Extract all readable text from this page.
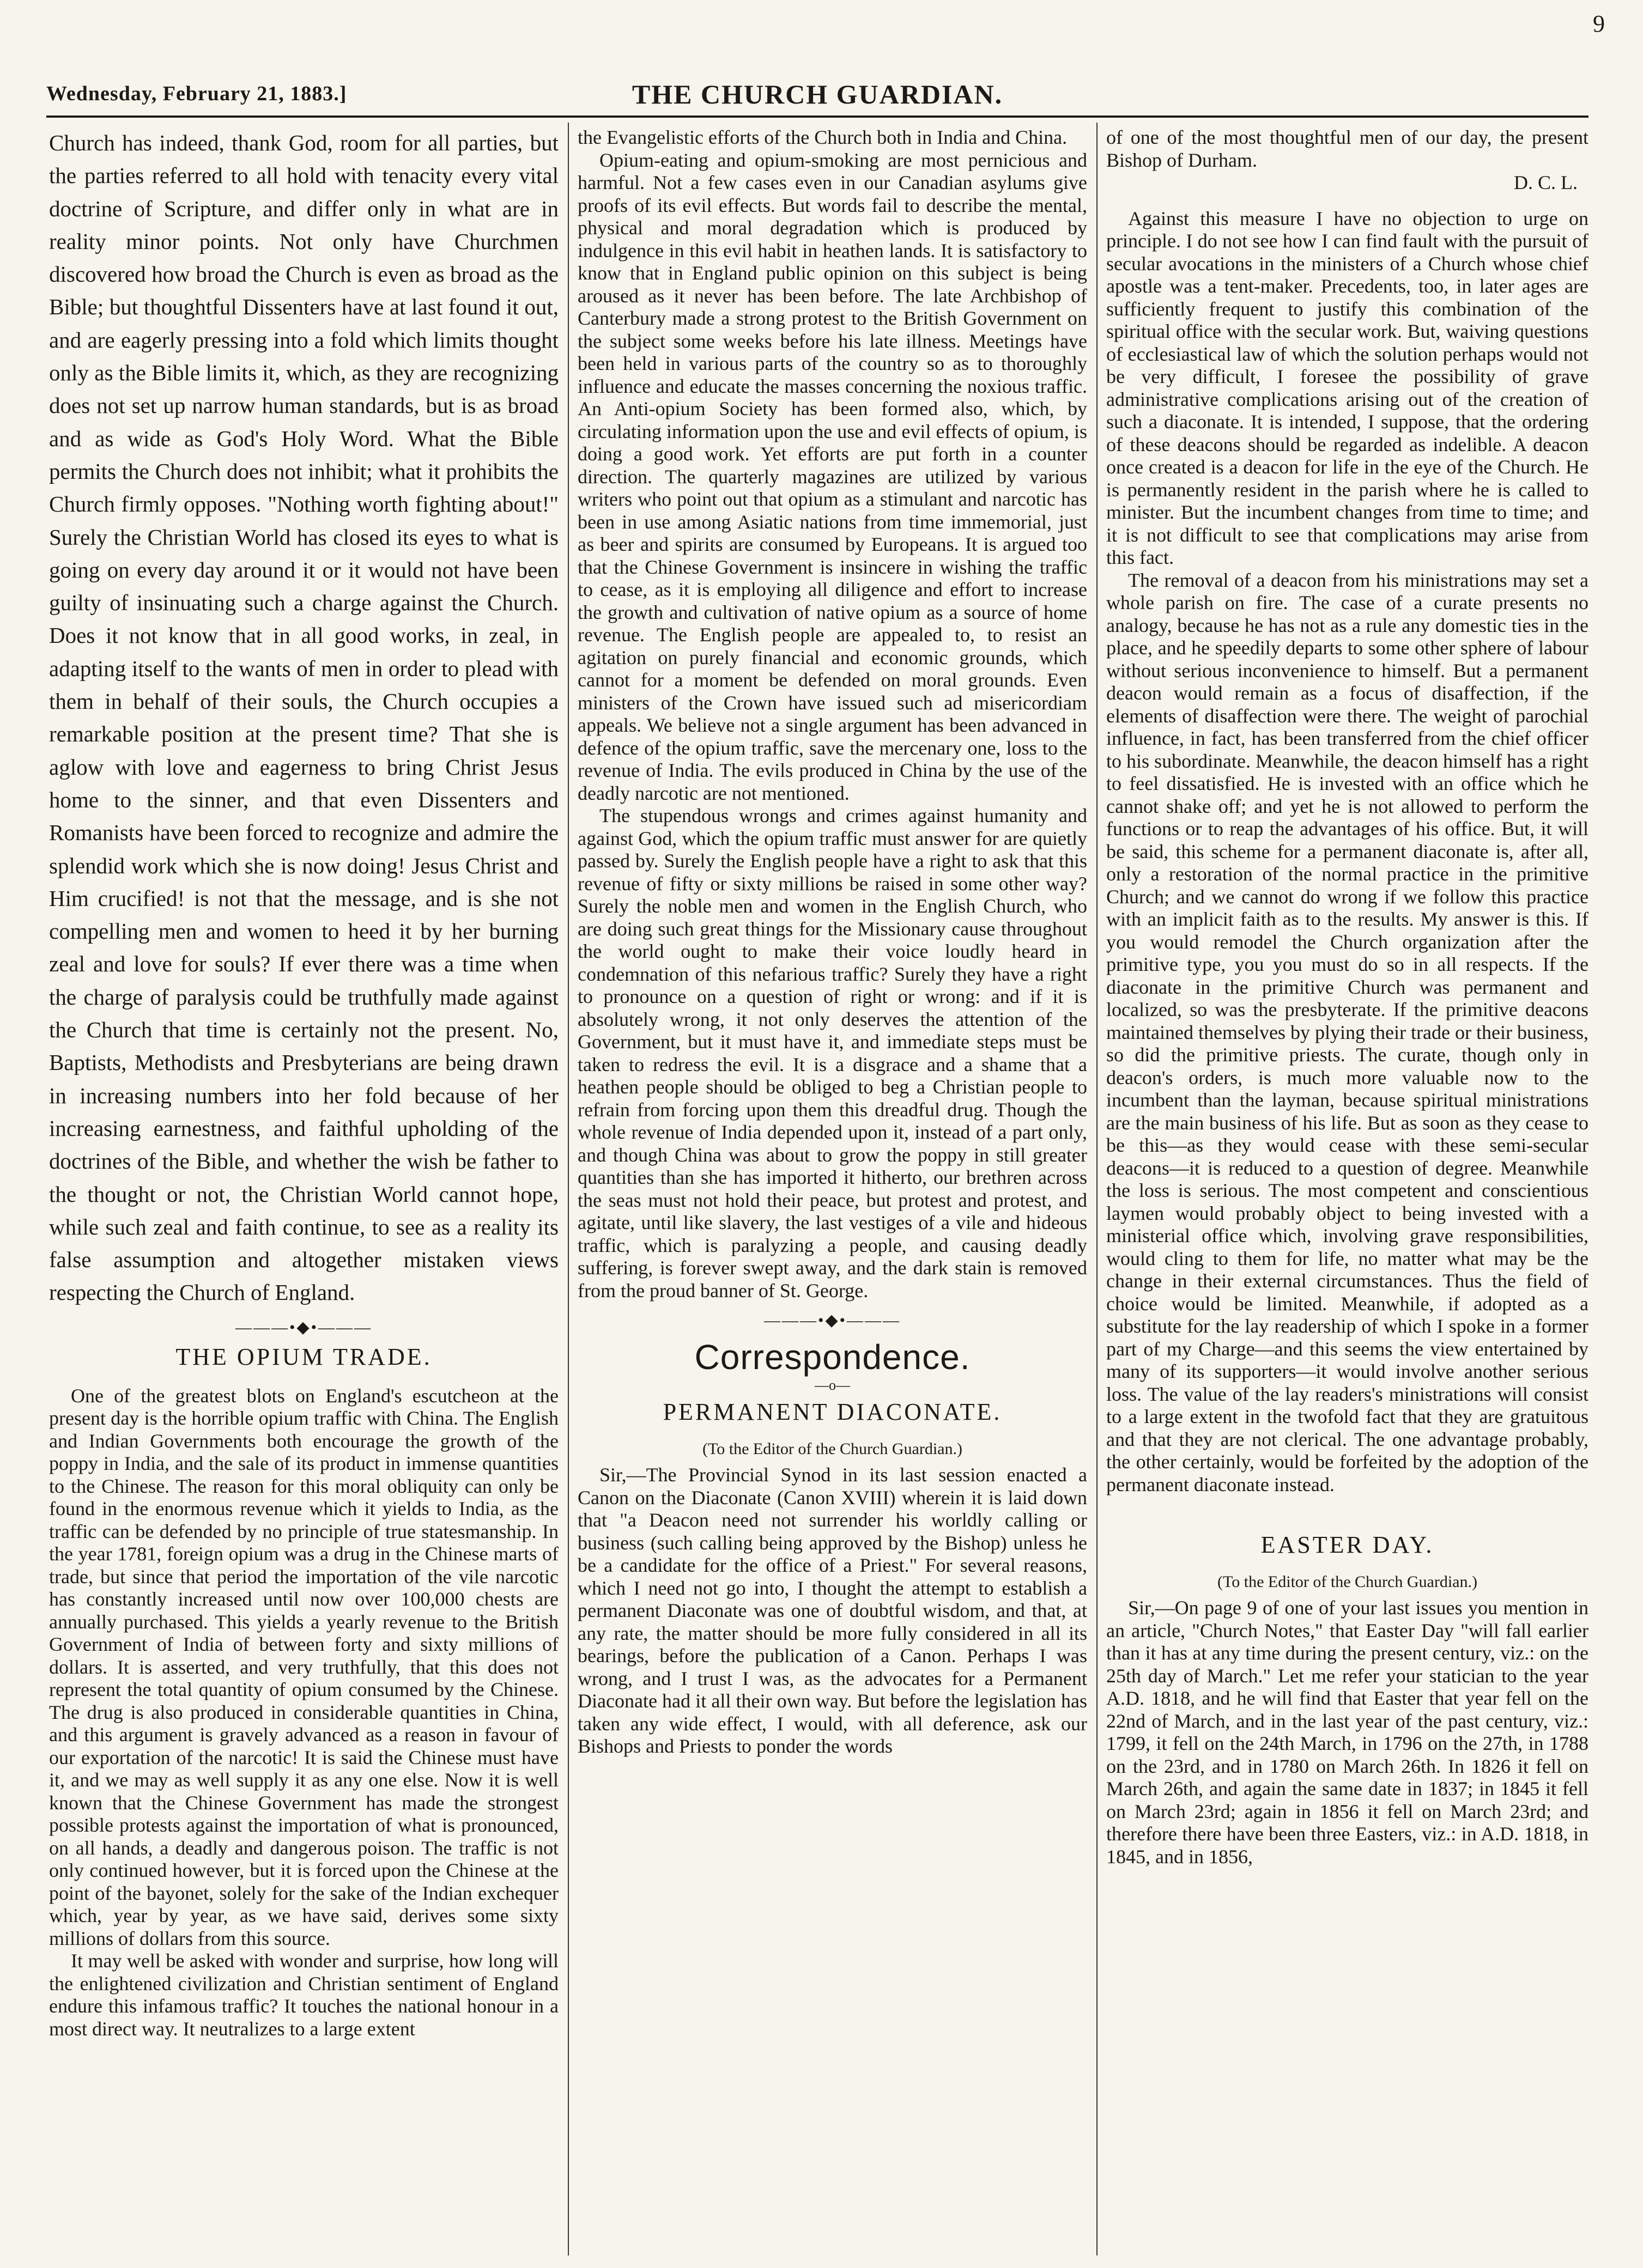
9
Wednesday, February 21, 1883.]	THE CHURCH GUARDIAN.

Church has indeed, thank God, room for all parties, but the parties referred to all hold with tenacity every vital doctrine of Scripture, and differ only in what are in reality minor points. Not only have Churchmen discovered how broad the Church is even as broad as the Bible; but thoughtful Dissenters have at last found it out, and are eagerly pressing into a fold which limits thought only as the Bible limits it, which, as they are recognizing does not set up narrow human standards, but is as broad and as wide as God's Holy Word. What the Bible permits the Church does not inhibit; what it prohibits the Church firmly opposes. "Nothing worth fighting about!" Surely the Christian World has closed its eyes to what is going on every day around it or it would not have been guilty of insinuating such a charge against the Church. Does it not know that in all good works, in zeal, in adapting itself to the wants of men in order to plead with them in behalf of their souls, the Church occupies a remarkable position at the present time? That she is aglow with love and eagerness to bring Christ Jesus home to the sinner, and that even Dissenters and Romanists have been forced to recognize and admire the splendid work which she is now doing! Jesus Christ and Him crucified! is not that the message, and is she not compelling men and women to heed it by her burning zeal and love for souls? If ever there was a time when the charge of paralysis could be truthfully made against the Church that time is certainly not the present. No, Baptists, Methodists and Presbyterians are being drawn in increasing numbers into her fold because of her increasing earnestness, and faithful upholding of the doctrines of the Bible, and whether the wish be father to the thought or not, the Christian World cannot hope, while such zeal and faith continue, to see as a reality its false assumption and altogether mistaken views respecting the Church of England.

———•◆•———
THE OPIUM TRADE.

One of the greatest blots on England's escutcheon at the present day is the horrible opium traffic with China. The English and Indian Governments both encourage the growth of the poppy in India, and the sale of its product in immense quantities to the Chinese. The reason for this moral obliquity can only be found in the enormous revenue which it yields to India, as the traffic can be defended by no principle of true statesmanship. In the year 1781, foreign opium was a drug in the Chinese marts of trade, but since that period the importation of the vile narcotic has constantly increased until now over 100,000 chests are annually purchased. This yields a yearly revenue to the British Government of India of between forty and sixty millions of dollars. It is asserted, and very truthfully, that this does not represent the total quantity of opium consumed by the Chinese. The drug is also produced in considerable quantities in China, and this argument is gravely advanced as a reason in favour of our exportation of the narcotic! It is said the Chinese must have it, and we may as well supply it as any one else. Now it is well known that the Chinese Government has made the strongest possible protests against the importation of what is pronounced, on all hands, a deadly and dangerous poison. The traffic is not only continued however, but it is forced upon the Chinese at the point of the bayonet, solely for the sake of the Indian exchequer which, year by year, as we have said, derives some sixty millions of dollars from this source.

It may well be asked with wonder and surprise, how long will the enlightened civilization and Christian sentiment of England endure this infamous traffic? It touches the national honour in a most direct way. It neutralizes to a large extent

the Evangelistic efforts of the Church both in India and China.

Opium-eating and opium-smoking are most pernicious and harmful. Not a few cases even in our Canadian asylums give proofs of its evil effects. But words fail to describe the mental, physical and moral degradation which is produced by indulgence in this evil habit in heathen lands. It is satisfactory to know that in England public opinion on this subject is being aroused as it never has been before. The late Archbishop of Canterbury made a strong protest to the British Government on the subject some weeks before his late illness. Meetings have been held in various parts of the country so as to thoroughly influence and educate the masses concerning the noxious traffic. An Anti-opium Society has been formed also, which, by circulating information upon the use and evil effects of opium, is doing a good work. Yet efforts are put forth in a counter direction. The quarterly magazines are utilized by various writers who point out that opium as a stimulant and narcotic has been in use among Asiatic nations from time immemorial, just as beer and spirits are consumed by Europeans. It is argued too that the Chinese Government is insincere in wishing the traffic to cease, as it is employing all diligence and effort to increase the growth and cultivation of native opium as a source of home revenue. The English people are appealed to, to resist an agitation on purely financial and economic grounds, which cannot for a moment be defended on moral grounds. Even ministers of the Crown have issued such ad misericordiam appeals. We believe not a single argument has been advanced in defence of the opium traffic, save the mercenary one, loss to the revenue of India. The evils produced in China by the use of the deadly narcotic are not mentioned.

The stupendous wrongs and crimes against humanity and against God, which the opium traffic must answer for are quietly passed by. Surely the English people have a right to ask that this revenue of fifty or sixty millions be raised in some other way? Surely the noble men and women in the English Church, who are doing such great things for the Missionary cause throughout the world ought to make their voice loudly heard in condemnation of this nefarious traffic? Surely they have a right to pronounce on a question of right or wrong: and if it is absolutely wrong, it not only deserves the attention of the Government, but it must have it, and immediate steps must be taken to redress the evil. It is a disgrace and a shame that a heathen people should be obliged to beg a Christian people to refrain from forcing upon them this dreadful drug. Though the whole revenue of India depended upon it, instead of a part only, and though China was about to grow the poppy in still greater quantities than she has imported it hitherto, our brethren across the seas must not hold their peace, but protest and protest, and agitate, until like slavery, the last vestiges of a vile and hideous traffic, which is paralyzing a people, and causing deadly suffering, is forever swept away, and the dark stain is removed from the proud banner of St. George.

———•◆•———
Correspondence.
—o—
PERMANENT DIACONATE.
(To the Editor of the Church Guardian.)

Sir,—The Provincial Synod in its last session enacted a Canon on the Diaconate (Canon XVIII) wherein it is laid down that "a Deacon need not surrender his worldly calling or business (such calling being approved by the Bishop) unless he be a candidate for the office of a Priest." For several reasons, which I need not go into, I thought the attempt to establish a permanent Diaconate was one of doubtful wisdom, and that, at any rate, the matter should be more fully considered in all its bearings, before the publication of a Canon. Perhaps I was wrong, and I trust I was, as the advocates for a Permanent Diaconate had it all their own way. But before the legislation has taken any wide effect, I would, with all deference, ask our Bishops and Priests to ponder the words

of one of the most thoughtful men of our day, the present Bishop of Durham.

D. C. L.

Against this measure I have no objection to urge on principle. I do not see how I can find fault with the pursuit of secular avocations in the ministers of a Church whose chief apostle was a tent-maker. Precedents, too, in later ages are sufficiently frequent to justify this combination of the spiritual office with the secular work. But, waiving questions of ecclesiastical law of which the solution perhaps would not be very difficult, I foresee the possibility of grave administrative complications arising out of the creation of such a diaconate. It is intended, I suppose, that the ordering of these deacons should be regarded as indelible. A deacon once created is a deacon for life in the eye of the Church. He is permanently resident in the parish where he is called to minister. But the incumbent changes from time to time; and it is not difficult to see that complications may arise from this fact.

The removal of a deacon from his ministrations may set a whole parish on fire. The case of a curate presents no analogy, because he has not as a rule any domestic ties in the place, and he speedily departs to some other sphere of labour without serious inconvenience to himself. But a permanent deacon would remain as a focus of disaffection, if the elements of disaffection were there. The weight of parochial influence, in fact, has been transferred from the chief officer to his subordinate. Meanwhile, the deacon himself has a right to feel dissatisfied. He is invested with an office which he cannot shake off; and yet he is not allowed to perform the functions or to reap the advantages of his office. But, it will be said, this scheme for a permanent diaconate is, after all, only a restoration of the normal practice in the primitive Church; and we cannot do wrong if we follow this practice with an implicit faith as to the results. My answer is this. If you would remodel the Church organization after the primitive type, you you must do so in all respects. If the diaconate in the primitive Church was permanent and localized, so was the presbyterate. If the primitive deacons maintained themselves by plying their trade or their business, so did the primitive priests. The curate, though only in deacon's orders, is much more valuable now to the incumbent than the layman, because spiritual ministrations are the main business of his life. But as soon as they cease to be this—as they would cease with these semi-secular deacons—it is reduced to a question of degree. Meanwhile the loss is serious. The most competent and conscientious laymen would probably object to being invested with a ministerial office which, involving grave responsibilities, would cling to them for life, no matter what may be the change in their external circumstances. Thus the field of choice would be limited. Meanwhile, if adopted as a substitute for the lay readership of which I spoke in a former part of my Charge—and this seems the view entertained by many of its supporters—it would involve another serious loss. The value of the lay readers's ministrations will consist to a large extent in the twofold fact that they are gratuitous and that they are not clerical. The one advantage probably, the other certainly, would be forfeited by the adoption of the permanent diaconate instead.

EASTER DAY.
(To the Editor of the Church Guardian.)

Sir,—On page 9 of one of your last issues you mention in an article, "Church Notes," that Easter Day "will fall earlier than it has at any time during the present century, viz.: on the 25th day of March." Let me refer your statician to the year A.D. 1818, and he will find that Easter that year fell on the 22nd of March, and in the last year of the past century, viz.: 1799, it fell on the 24th March, in 1796 on the 27th, in 1788 on the 23rd, and in 1780 on March 26th. In 1826 it fell on March 26th, and again the same date in 1837; in 1845 it fell on March 23rd; again in 1856 it fell on March 23rd; and therefore there have been three Easters, viz.: in A.D. 1818, in 1845, and in 1856,
